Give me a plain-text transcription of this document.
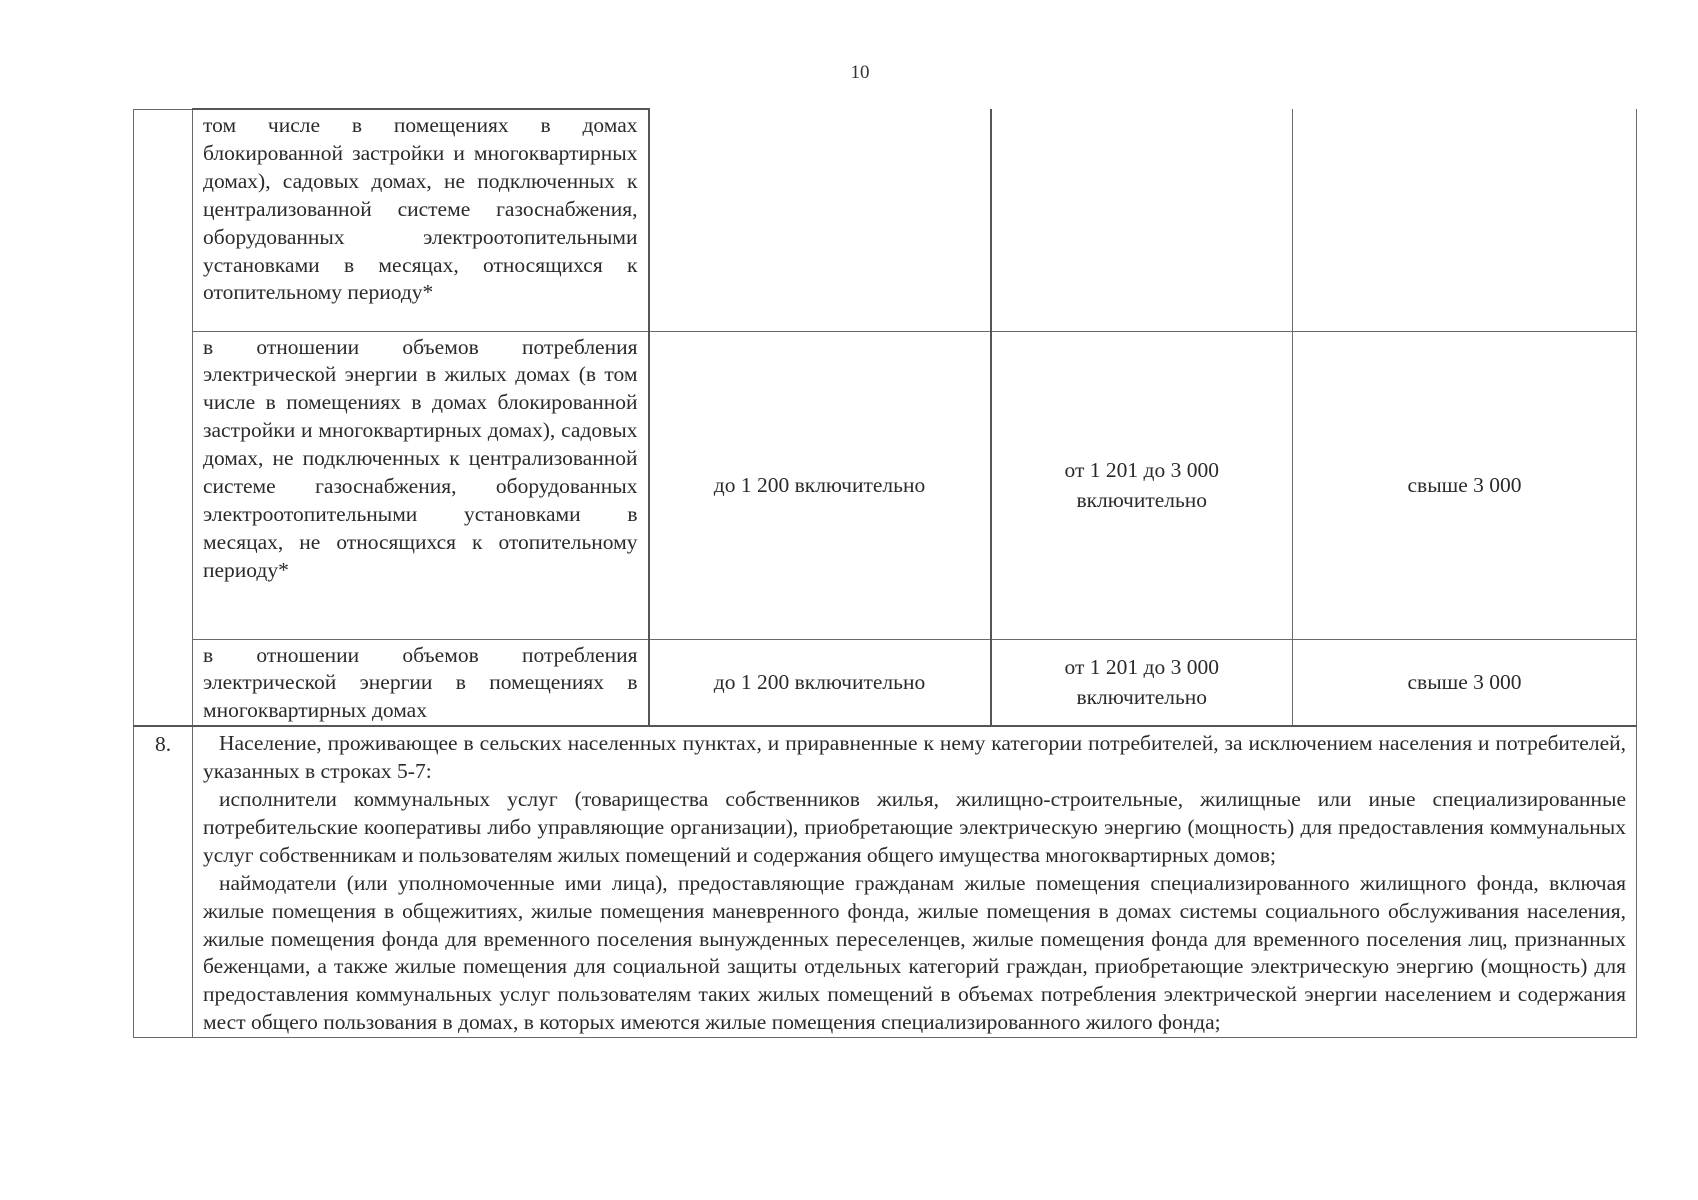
10
	том числе в помещениях в домах блокированной застройки и многоквартирных домах), садовых домах, не подключенных к централизованной системе газоснабжения, оборудованных электроотопительными установками в месяцах, относящихся к отопительному периоду*			
	в отношении объемов потребления электрической энергии в жилых домах (в том числе в помещениях в домах блокированной застройки и многоквартирных домах), садовых домах, не подключенных к централизованной системе газоснабжения, оборудованных электроотопительными установками в месяцах, не относящихся к отопительному периоду*	до 1 200 включительно	от 1 201 до 3 000 включительно	свыше 3 000
	в отношении объемов потребления электрической энергии в помещениях в многоквартирных домах	до 1 200 включительно	от 1 201 до 3 000 включительно	свыше 3 000
8.	Население, проживающее в сельских населенных пунктах, и приравненные к нему категории потребителей, за исключением населения и потребителей, указанных в строках 5-7:
исполнители коммунальных услуг (товарищества собственников жилья, жилищно-строительные, жилищные или иные специализированные потребительские кооперативы либо управляющие организации), приобретающие электрическую энергию (мощность) для предоставления коммунальных услуг собственникам и пользователям жилых помещений и содержания общего имущества многоквартирных домов;
наймодатели (или уполномоченные ими лица), предоставляющие гражданам жилые помещения специализированного жилищного фонда, включая жилые помещения в общежитиях, жилые помещения маневренного фонда, жилые помещения в домах системы социального обслуживания населения, жилые помещения фонда для временного поселения вынужденных переселенцев, жилые помещения фонда для временного поселения лиц, признанных беженцами, а также жилые помещения для социальной защиты отдельных категорий граждан, приобретающие электрическую энергию (мощность) для предоставления коммунальных услуг пользователям таких жилых помещений в объемах потребления электрической энергии населением и содержания мест общего пользования в домах, в которых имеются жилые помещения специализированного жилого фонда;			
